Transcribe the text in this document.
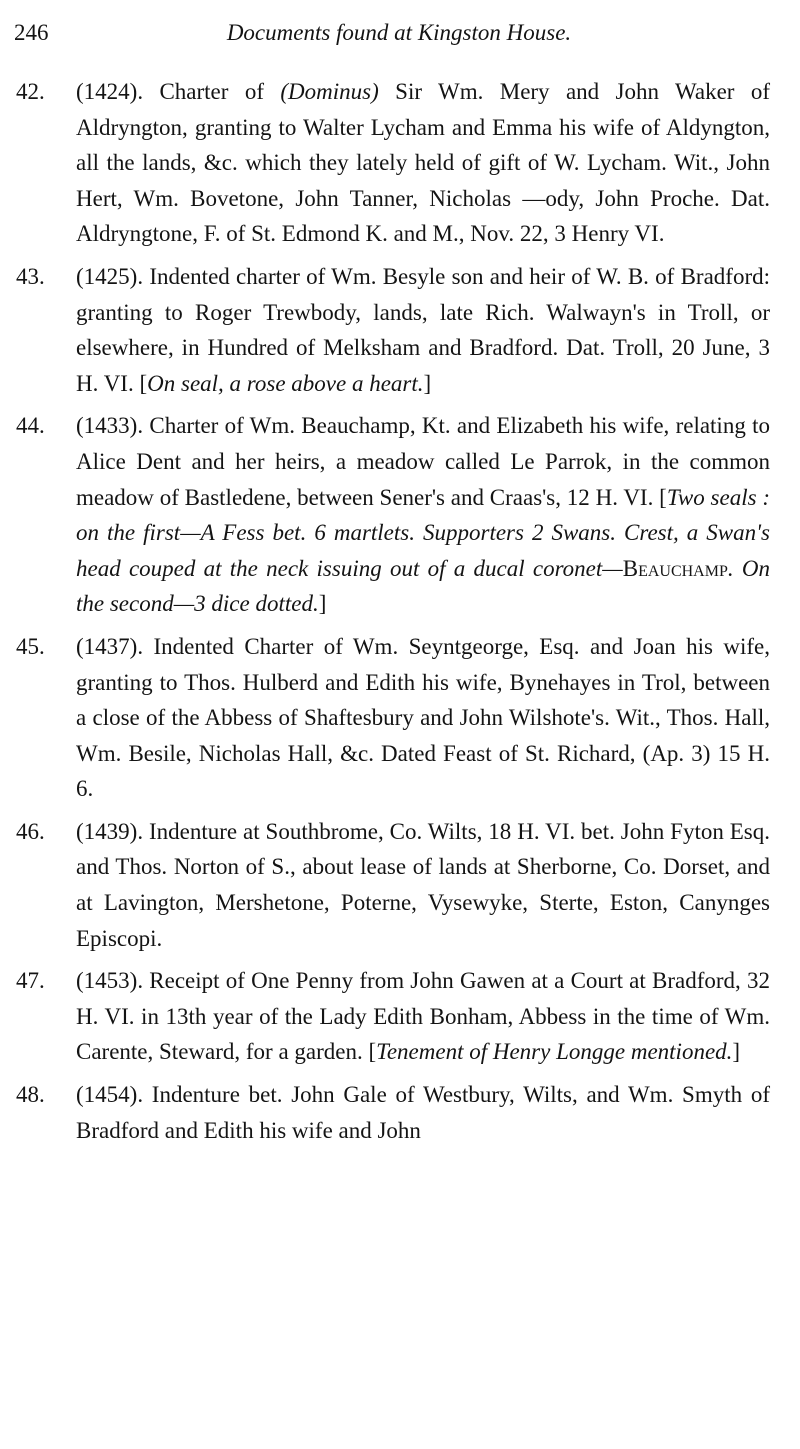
246	Documents found at Kingston House.
42. (1424). Charter of (Dominus) Sir Wm. Mery and John Waker of Aldryngton, granting to Walter Lycham and Emma his wife of Aldyngton, all the lands, &c. which they lately held of gift of W. Lycham. Wit., John Hert, Wm. Bovetone, John Tanner, Nicholas —ody, John Proche. Dat. Aldryngtone, F. of St. Edmond K. and M., Nov. 22, 3 Henry VI.
43. (1425). Indented charter of Wm. Besyle son and heir of W. B. of Bradford: granting to Roger Trewbody, lands, late Rich. Walwayn's in Troll, or elsewhere, in Hundred of Melksham and Bradford. Dat. Troll, 20 June, 3 H. VI. [On seal, a rose above a heart.]
44. (1433). Charter of Wm. Beauchamp, Kt. and Elizabeth his wife, relating to Alice Dent and her heirs, a meadow called Le Parrok, in the common meadow of Bastledene, between Sener's and Craas's, 12 H. VI. [Two seals : on the first—A Fess bet. 6 martlets. Supporters 2 Swans. Crest, a Swan's head couped at the neck issuing out of a ducal coronet—Beauchamp. On the second—3 dice dotted.]
45. (1437). Indented Charter of Wm. Seyntgeorge, Esq. and Joan his wife, granting to Thos. Hulberd and Edith his wife, Bynehayes in Trol, between a close of the Abbess of Shaftesbury and John Wilshote's. Wit., Thos. Hall, Wm. Besile, Nicholas Hall, &c. Dated Feast of St. Richard, (Ap. 3) 15 H. 6.
46. (1439). Indenture at Southbrome, Co. Wilts, 18 H. VI. bet. John Fyton Esq. and Thos. Norton of S., about lease of lands at Sherborne, Co. Dorset, and at Lavington, Mershetone, Poterne, Vysewyke, Sterte, Eston, Canynges Episcopi.
47. (1453). Receipt of One Penny from John Gawen at a Court at Bradford, 32 H. VI. in 13th year of the Lady Edith Bonham, Abbess in the time of Wm. Carente, Steward, for a garden. [Tenement of Henry Longge mentioned.]
48. (1454). Indenture bet. John Gale of Westbury, Wilts, and Wm. Smyth of Bradford and Edith his wife and John
